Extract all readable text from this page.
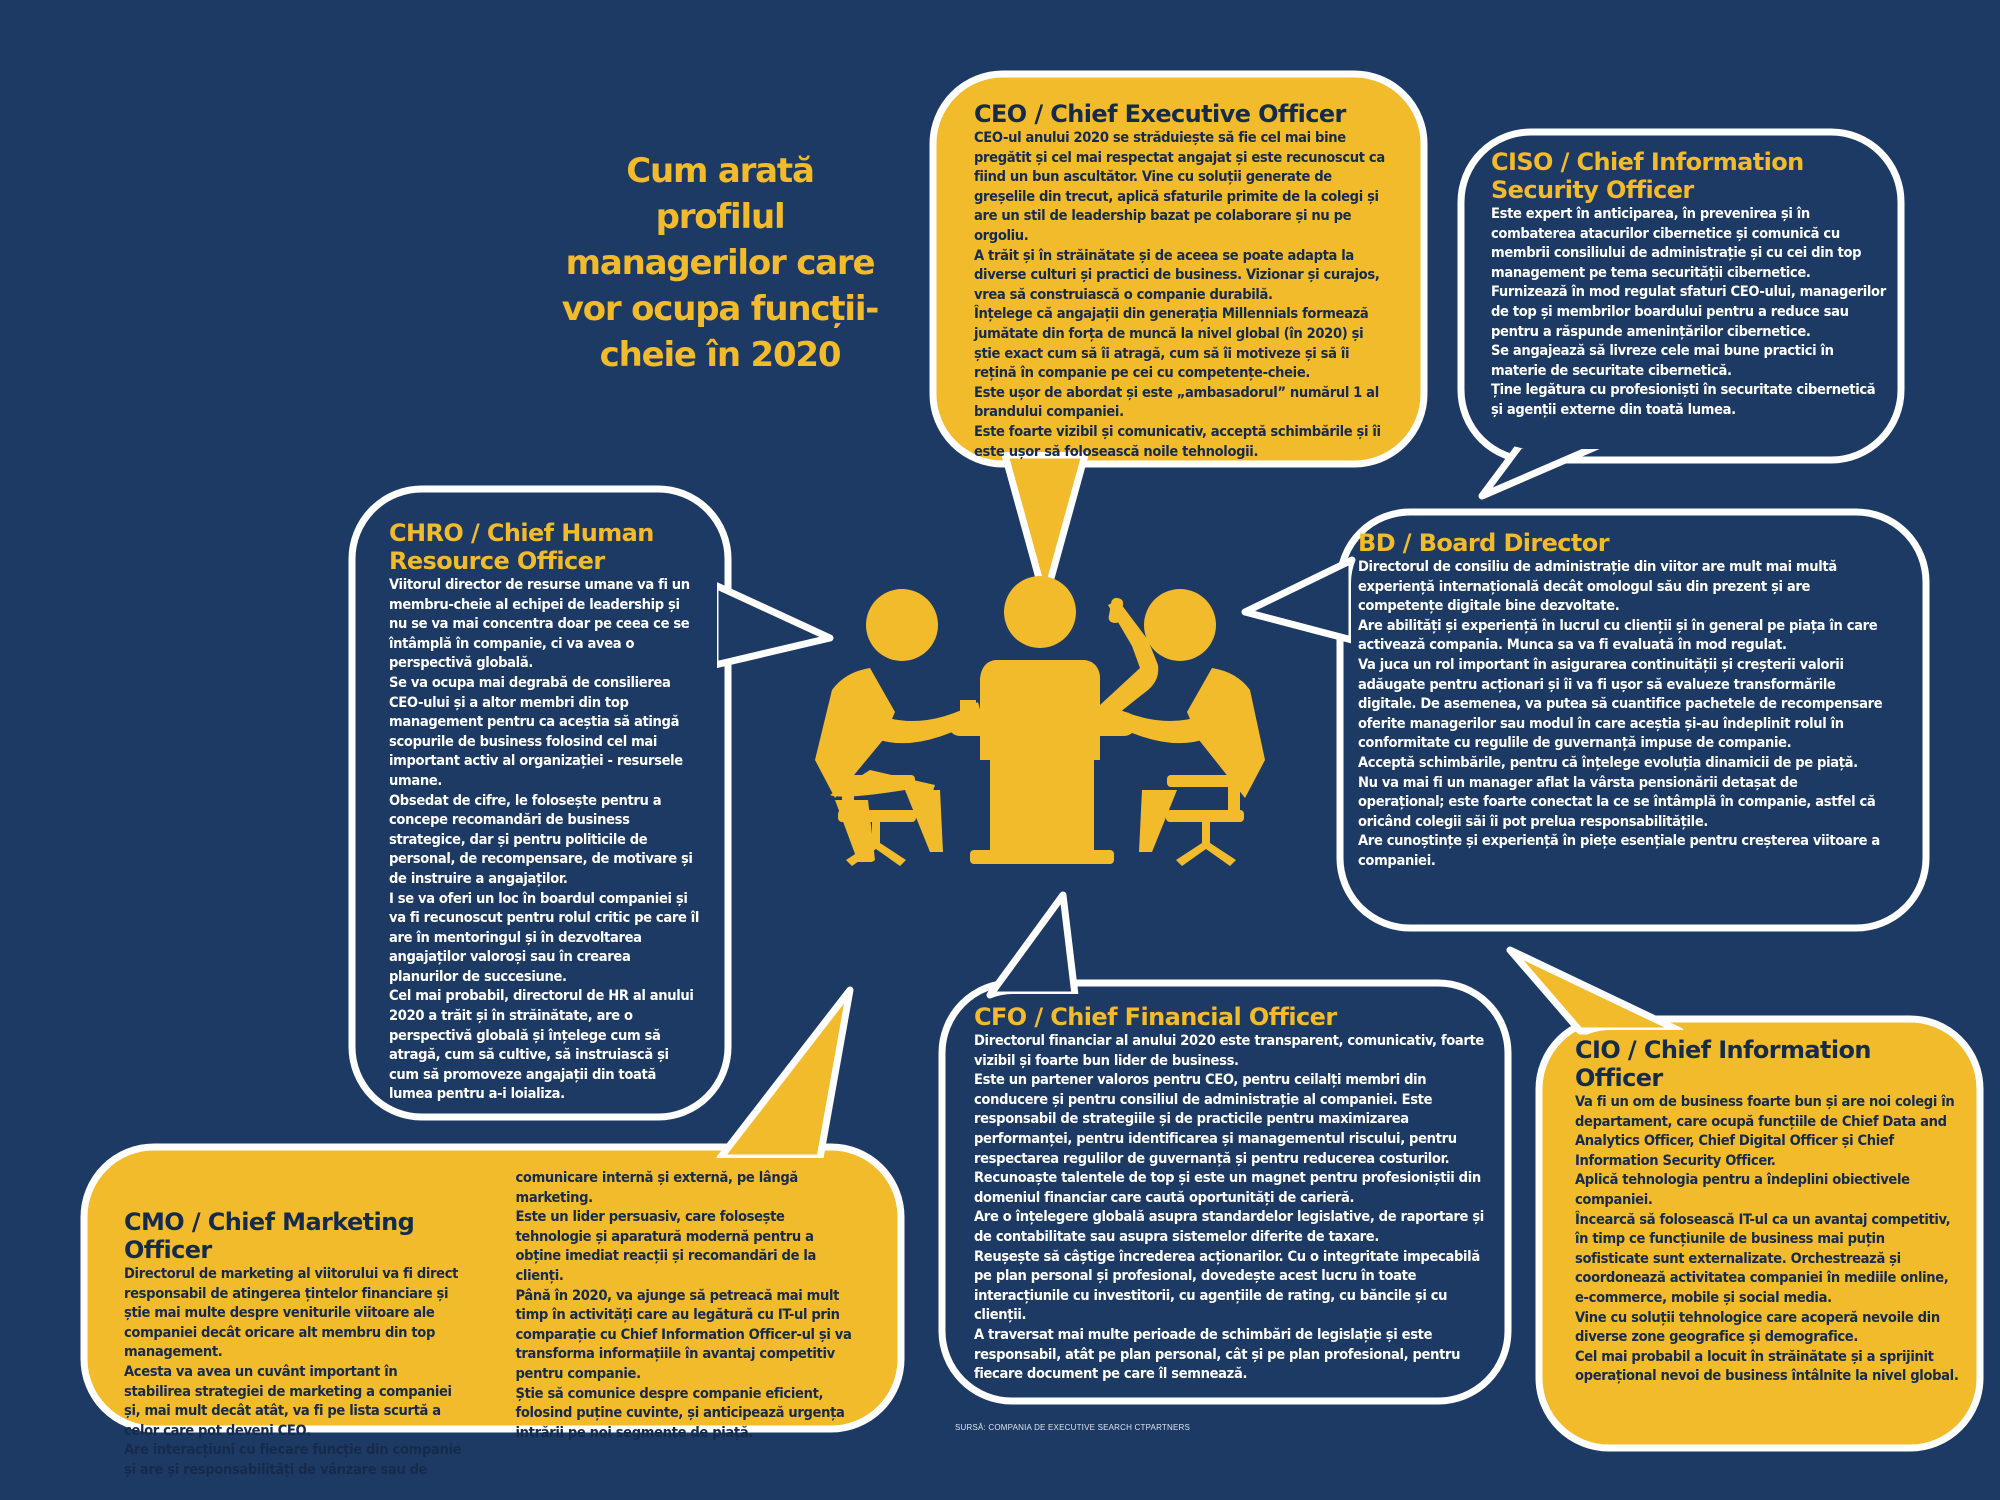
Cum arată profilul managerilor care vor ocupa funcții-cheie în 2020
CEO / Chief Executive Officer

CEO-ul anului 2020 se străduiește să fie cel mai bine pregătit și cel mai respectat angajat și este recunoscut ca fiind un bun ascultător. Vine cu soluții generate de greșelile din trecut, aplică sfaturile primite de la colegi și are un stil de leadership bazat pe colaborare și nu pe orgoliu.
A trăit și în străinătate și de aceea se poate adapta la diverse culturi și practici de business. Vizionar și curajos, vrea să construiască o companie durabilă.
Înțelege că angajații din generația Millennials formează jumătate din forța de muncă la nivel global (în 2020) și știe exact cum să îi atragă, cum să îi motiveze și să îi rețină în companie pe cei cu competențe-cheie.
Este ușor de abordat și este „ambasadorul” numărul 1 al brandului companiei.
Este foarte vizibil și comunicativ, acceptă schimbările și îi este ușor să folosească noile tehnologii.

CISO / Chief Information Security Officer

Este expert în anticiparea, în prevenirea și în combaterea atacurilor cibernetice și comunică cu membrii consiliului de administrație și cu cei din top management pe tema securității cibernetice.
Furnizează în mod regulat sfaturi CEO-ului, managerilor de top și membrilor boardului pentru a reduce sau pentru a răspunde amenințărilor cibernetice.
Se angajează să livreze cele mai bune practici în materie de securitate cibernetică.
Ține legătura cu profesioniști în securitate cibernetică și agenții externe din toată lumea.

CHRO / Chief Human Resource Officer

Viitorul director de resurse umane va fi un membru-cheie al echipei de leadership și nu se va mai concentra doar pe ceea ce se întâmplă în companie, ci va avea o perspectivă globală.
Se va ocupa mai degrabă de consilierea CEO-ului și a altor membri din top management pentru ca aceștia să atingă scopurile de business folosind cel mai important activ al organizației - resursele umane.
Obsedat de cifre, le folosește pentru a concepe recomandări de business strategice, dar și pentru politicile de personal, de recompensare, de motivare și de instruire a angajaților.
I se va oferi un loc în boardul companiei și va fi recunoscut pentru rolul critic pe care îl are în mentoringul și în dezvoltarea angajaților valoroși sau în crearea planurilor de succesiune.
Cel mai probabil, directorul de HR al anului 2020 a trăit și în străinătate, are o perspectivă globală și înțelege cum să atragă, cum să cultive, să instruiască și cum să promoveze angajații din toată lumea pentru a-i loializa.

BD / Board Director

Directorul de consiliu de administrație din viitor are mult mai multă experiență internațională decât omologul său din prezent și are competențe digitale bine dezvoltate.
Are abilități și experiență în lucrul cu clienții și în general pe piața în care activează compania. Munca sa va fi evaluată în mod regulat.
Va juca un rol important în asigurarea continuității și creșterii valorii adăugate pentru acționari și îi va fi ușor să evalueze transformările digitale. De asemenea, va putea să cuantifice pachetele de recompensare oferite managerilor sau modul în care aceștia și-au îndeplinit rolul în conformitate cu regulile de guvernanță impuse de companie.
Acceptă schimbările, pentru că înțelege evoluția dinamicii de pe piață.
Nu va mai fi un manager aflat la vârsta pensionării detașat de operațional; este foarte conectat la ce se întâmplă în companie, astfel că oricând colegii săi îi pot prelua responsabilitățile.
Are cunoștințe și experiență în piețe esențiale pentru creșterea viitoare a companiei.

CFO / Chief Financial Officer

Directorul financiar al anului 2020 este transparent, comunicativ, foarte vizibil și foarte bun lider de business.
Este un partener valoros pentru CEO, pentru ceilalți membri din conducere și pentru consiliul de administrație al companiei. Este responsabil de strategiile și de practicile pentru maximizarea performanței, pentru identificarea și managementul riscului, pentru respectarea regulilor de guvernanță și pentru reducerea costurilor.
Recunoaște talentele de top și este un magnet pentru profesioniștii din domeniul financiar care caută oportunități de carieră.
Are o înțelegere globală asupra standardelor legislative, de raportare și de contabilitate sau asupra sistemelor diferite de taxare.
Reușește să câștige încrederea acționarilor. Cu o integritate impecabilă pe plan personal și profesional, dovedește acest lucru în toate interacțiunile cu investitorii, cu agențiile de rating, cu băncile și cu clienții.
A traversat mai multe perioade de schimbări de legislație și este responsabil, atât pe plan personal, cât și pe plan profesional, pentru fiecare document pe care îl semnează.

CMO / Chief Marketing Officer

Directorul de marketing al viitorului va fi direct responsabil de atingerea țintelor financiare și știe mai multe despre veniturile viitoare ale companiei decât oricare alt membru din top management.
Acesta va avea un cuvânt important în stabilirea strategiei de marketing a companiei și, mai mult decât atât, va fi pe lista scurtă a celor care pot deveni CEO.
Are interacțiuni cu fiecare funcție din companie și are și responsabilități de vânzare sau de

comunicare internă și externă, pe lângă marketing.
Este un lider persuasiv, care folosește tehnologie și aparatură modernă pentru a obține imediat reacții și recomandări de la clienți.
Până în 2020, va ajunge să petreacă mai mult timp în activități care au legătură cu IT-ul prin comparație cu Chief Information Officer-ul și va transforma informațiile în avantaj competitiv pentru companie.
Știe să comunice despre companie eficient, folosind puține cuvinte, și anticipează urgența intrării pe noi segmente de piață.

CIO / Chief Information Officer

Va fi un om de business foarte bun și are noi colegi în departament, care ocupă funcțiile de Chief Data and Analytics Officer, Chief Digital Officer și Chief Information Security Officer.
Aplică tehnologia pentru a îndeplini obiectivele companiei.
Încearcă să folosească IT-ul ca un avantaj competitiv, în timp ce funcțiunile de business mai puțin sofisticate sunt externalizate. Orchestrează și coordonează activitatea companiei în mediile online, e-commerce, mobile și social media.
Vine cu soluții tehnologice care acoperă nevoile din diverse zone geografice și demografice.
Cel mai probabil a locuit în străinătate și a sprijinit operațional nevoi de business întâlnite la nivel global.

SURSĂ: COMPANIA DE EXECUTIVE SEARCH CTPARTNERS
